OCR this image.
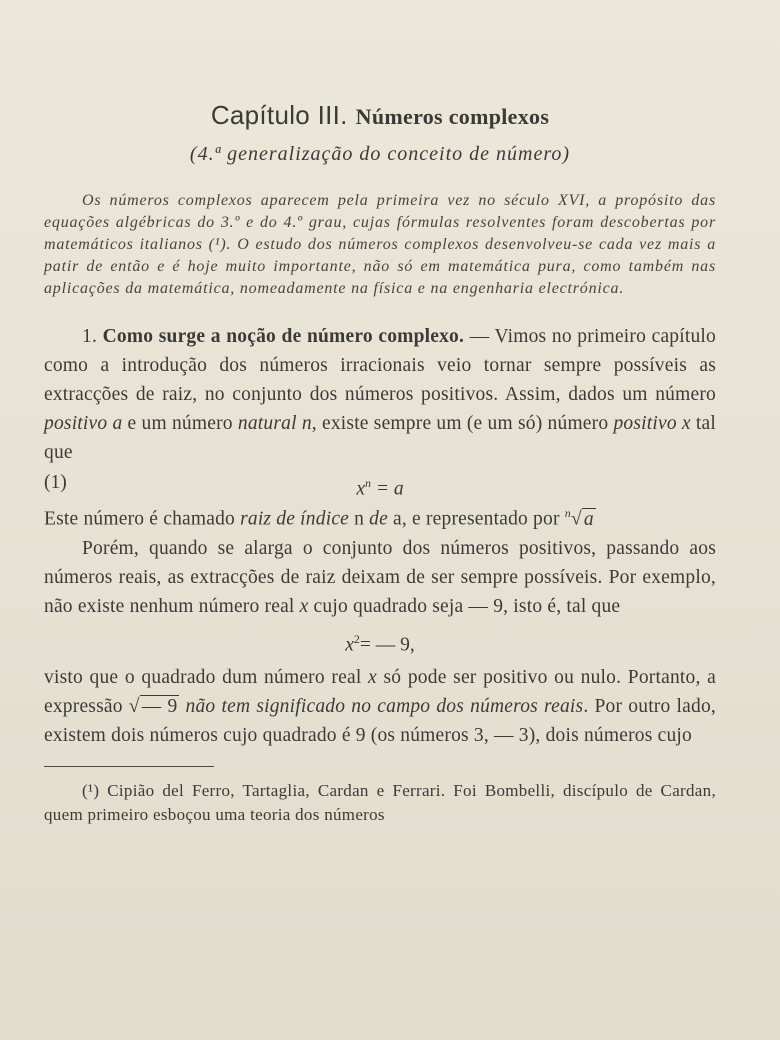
Capítulo III. Números complexos

(4.ª generalização do conceito de número)

Os números complexos aparecem pela primeira vez no século XVI, a propósito das equações algébricas do 3.º e do 4.º grau, cujas fórmulas resolventes foram descobertas por matemáticos italianos (¹). O estudo dos números complexos desenvolveu-se cada vez mais a patir de então e é hoje muito importante, não só em matemática pura, como também nas aplicações da matemática, nomeadamente na física e na engenharia electrónica.

1. Como surge a noção de número complexo. — Vimos no primeiro capítulo como a introdução dos números irracionais veio tornar sempre possíveis as extracções de raiz, no conjunto dos números positivos. Assim, dados um número positivo a e um número natural n, existe sempre um (e um só) número positivo x tal que

(1)	$x^n = a$

Este número é chamado raiz de índice n de a, e representado por $^n$√ a

Porém, quando se alarga o conjunto dos números positivos, passando aos números reais, as extracções de raiz deixam de ser sempre possíveis. Por exemplo, não existe nenhum número real x cujo quadrado seja — 9, isto é, tal que

$x^2=$ — 9,

visto que o quadrado dum número real x só pode ser positivo ou nulo. Portanto, a expressão √ — 9 não tem significado no campo dos números reais. Por outro lado, existem dois números cujo quadrado é 9 (os números 3, — 3), dois números cujo

(¹) Cipião del Ferro, Tartaglia, Cardan e Ferrari. Foi Bombelli, discípulo de Cardan, quem primeiro esboçou uma teoria dos números
